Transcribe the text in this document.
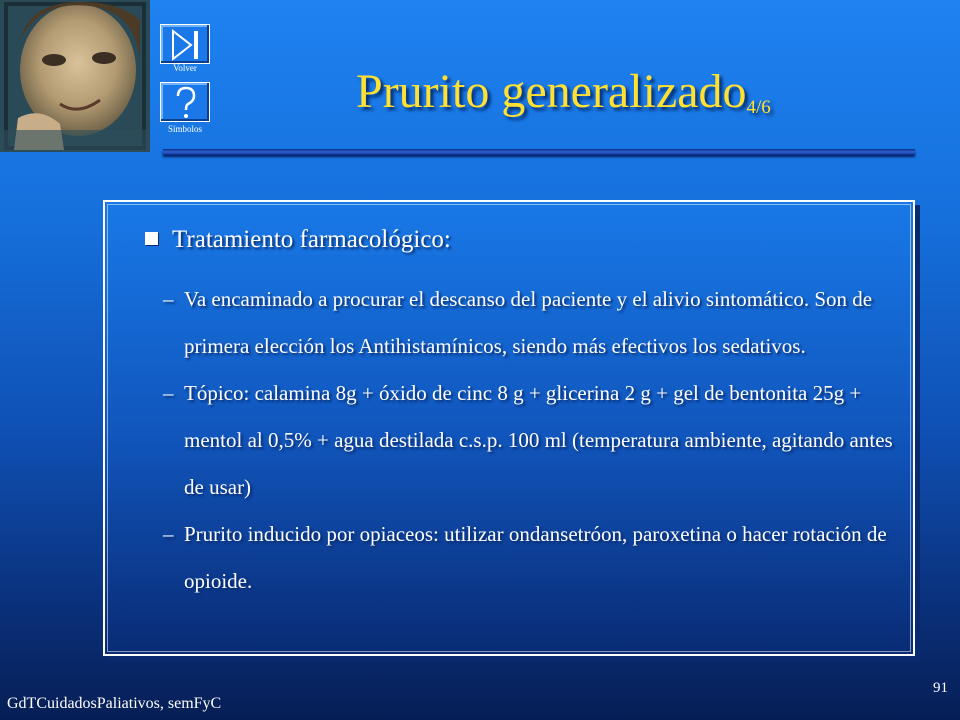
Volver
Símbolos
Prurito generalizado$_{4/6}$
Tratamiento farmacológico:
– Va encaminado a procurar el descanso del paciente y el alivio sintomático. Son de primera elección los Antihistamínicos, siendo más efectivos los sedativos.
– Tópico: calamina 8g + óxido de cinc 8 g + glicerina 2 g + gel de bentonita 25g + mentol al 0,5% + agua destilada c.s.p. 100 ml (temperatura ambiente, agitando antes de usar)
– Prurito inducido por opiaceos: utilizar ondansetróon, paroxetina o hacer rotación de opioide.
GdTCuidadosPaliativos, semFyC
91
